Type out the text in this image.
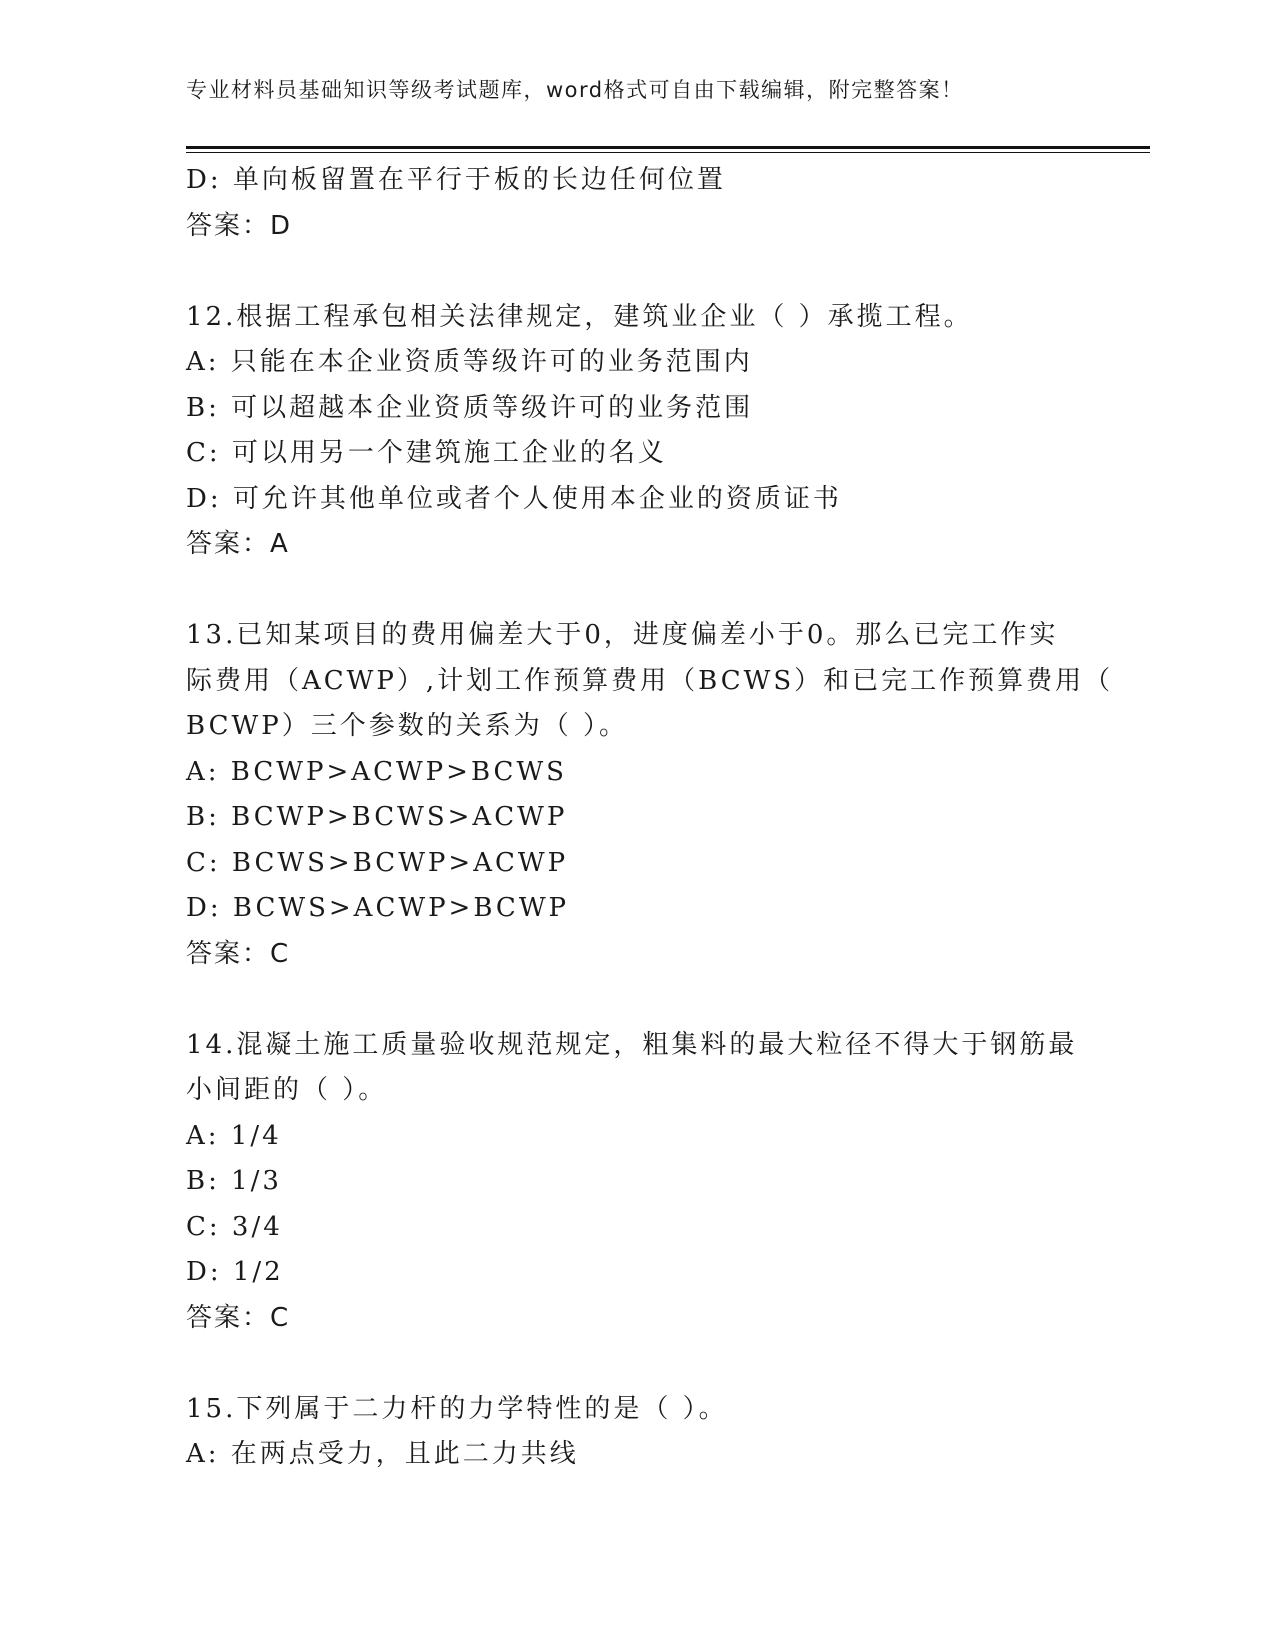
专业材料员基础知识等级考试题库，word格式可自由下载编辑，附完整答案！
D: 单向板留置在平行于板的长边任何位置
答案：D
12.根据工程承包相关法律规定，建筑业企业（ ）承揽工程。
A: 只能在本企业资质等级许可的业务范围内
B: 可以超越本企业资质等级许可的业务范围
C: 可以用另一个建筑施工企业的名义
D: 可允许其他单位或者个人使用本企业的资质证书
答案：A
13.已知某项目的费用偏差大于0，进度偏差小于0。那么已完工作实
际费用（ACWP）,计划工作预算费用（BCWS）和已完工作预算费用（
BCWP）三个参数的关系为（ ）。
A: BCWP>ACWP>BCWS
B: BCWP>BCWS>ACWP
C: BCWS>BCWP>ACWP
D: BCWS>ACWP>BCWP
答案：C
14.混凝土施工质量验收规范规定，粗集料的最大粒径不得大于钢筋最
小间距的（ ）。
A: 1/4
B: 1/3
C: 3/4
D: 1/2
答案：C
15.下列属于二力杆的力学特性的是（ ）。
A: 在两点受力，且此二力共线
